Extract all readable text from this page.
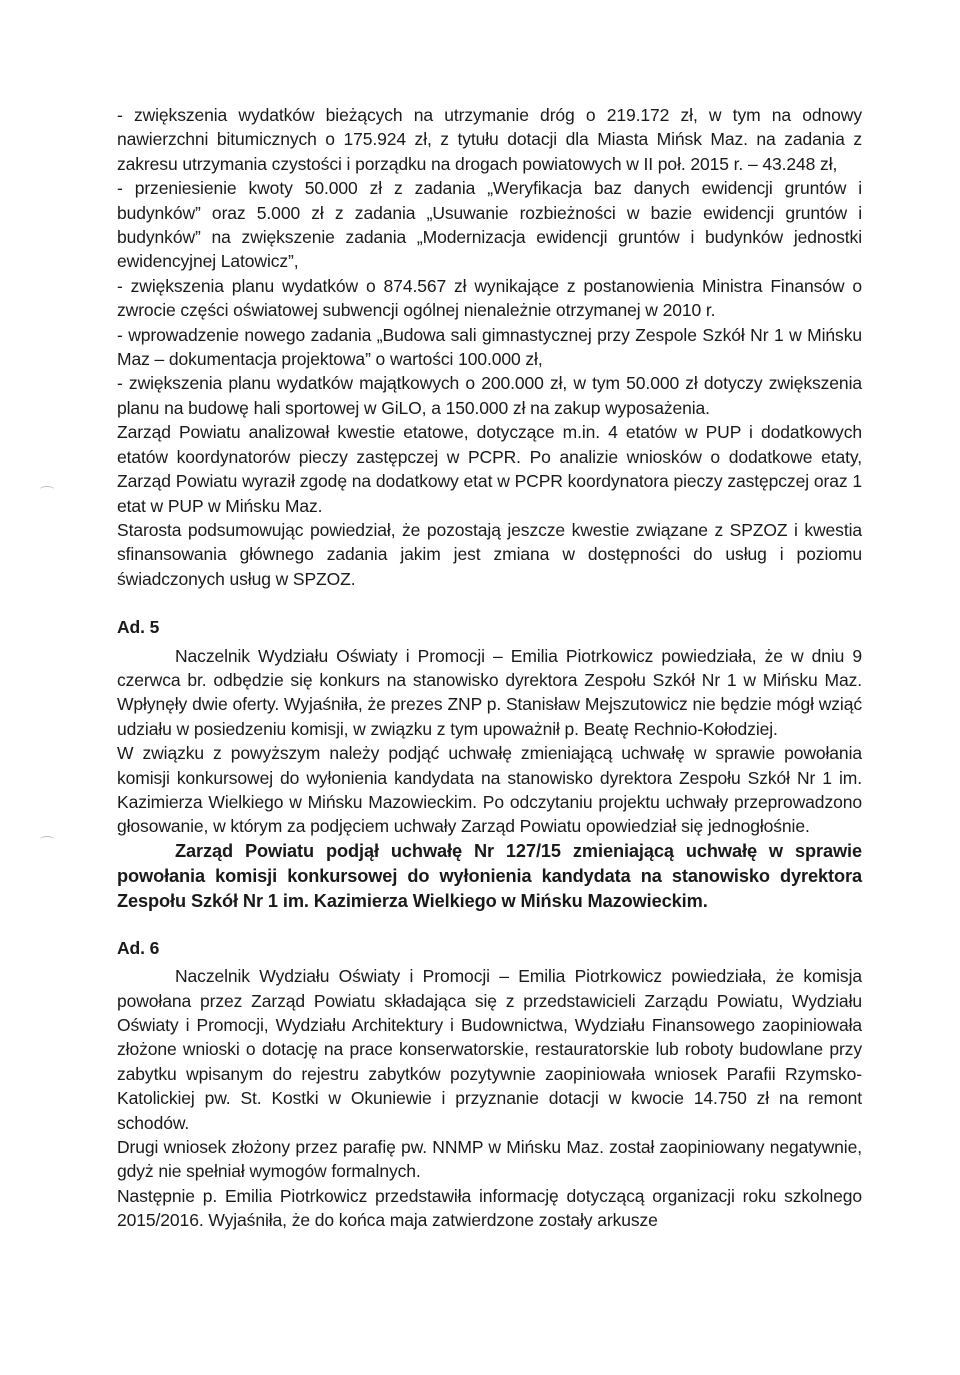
- zwiększenia wydatków bieżących na utrzymanie dróg o 219.172 zł, w tym na odnowy nawierzchni bitumicznych o 175.924 zł, z tytułu dotacji dla Miasta Mińsk Maz. na zadania z zakresu utrzymania czystości i porządku na drogach powiatowych w II poł. 2015 r. – 43.248 zł,

- przeniesienie kwoty 50.000 zł z zadania „Weryfikacja baz danych ewidencji gruntów i budynków” oraz 5.000 zł z zadania „Usuwanie rozbieżności w bazie ewidencji gruntów i budynków” na zwiększenie zadania „Modernizacja ewidencji gruntów i budynków jednostki ewidencyjnej Latowicz”,

- zwiększenia planu wydatków o 874.567 zł wynikające z postanowienia Ministra Finansów o zwrocie części oświatowej subwencji ogólnej nienależnie otrzymanej w 2010 r.

- wprowadzenie nowego zadania „Budowa sali gimnastycznej przy Zespole Szkół Nr 1 w Mińsku Maz – dokumentacja projektowa” o wartości 100.000 zł,

- zwiększenia planu wydatków majątkowych o 200.000 zł, w tym 50.000 zł dotyczy zwiększenia planu na budowę hali sportowej w GiLO, a 150.000 zł na zakup wyposażenia.

Zarząd Powiatu analizował kwestie etatowe, dotyczące m.in. 4 etatów w PUP i dodatkowych etatów koordynatorów pieczy zastępczej w PCPR. Po analizie wniosków o dodatkowe etaty, Zarząd Powiatu wyraził zgodę na dodatkowy etat w PCPR koordynatora pieczy zastępczej oraz 1 etat w PUP w Mińsku Maz.

Starosta podsumowując powiedział, że pozostają jeszcze kwestie związane z SPZOZ i kwestia sfinansowania głównego zadania jakim jest zmiana w dostępności do usług i poziomu świadczonych usług w SPZOZ.

Ad. 5

Naczelnik Wydziału Oświaty i Promocji – Emilia Piotrkowicz powiedziała, że w dniu 9 czerwca br. odbędzie się konkurs na stanowisko dyrektora Zespołu Szkół Nr 1 w Mińsku Maz. Wpłynęły dwie oferty. Wyjaśniła, że prezes ZNP p. Stanisław Mejszutowicz nie będzie mógł wziąć udziału w posiedzeniu komisji, w związku z tym upoważnił p. Beatę Rechnio-Kołodziej.

W związku z powyższym należy podjąć uchwałę zmieniającą uchwałę w sprawie powołania komisji konkursowej do wyłonienia kandydata na stanowisko dyrektora Zespołu Szkół Nr 1 im. Kazimierza Wielkiego w Mińsku Mazowieckim. Po odczytaniu projektu uchwały przeprowadzono głosowanie, w którym za podjęciem uchwały Zarząd Powiatu opowiedział się jednogłośnie.

Zarząd Powiatu podjął uchwałę Nr 127/15 zmieniającą uchwałę w sprawie powołania komisji konkursowej do wyłonienia kandydata na stanowisko dyrektora Zespołu Szkół Nr 1 im. Kazimierza Wielkiego w Mińsku Mazowieckim.

Ad. 6

Naczelnik Wydziału Oświaty i Promocji – Emilia Piotrkowicz powiedziała, że komisja powołana przez Zarząd Powiatu składająca się z przedstawicieli Zarządu Powiatu, Wydziału Oświaty i Promocji, Wydziału Architektury i Budownictwa, Wydziału Finansowego zaopiniowała złożone wnioski o dotację na prace konserwatorskie, restauratorskie lub roboty budowlane przy zabytku wpisanym do rejestru zabytków pozytywnie zaopiniowała wniosek Parafii Rzymsko-Katolickiej pw. St. Kostki w Okuniewie i przyznanie dotacji w kwocie 14.750 zł na remont schodów.

Drugi wniosek złożony przez parafię pw. NNMP w Mińsku Maz. został zaopiniowany negatywnie, gdyż nie spełniał wymogów formalnych.

Następnie p. Emilia Piotrkowicz przedstawiła informację dotyczącą organizacji roku szkolnego 2015/2016. Wyjaśniła, że do końca maja zatwierdzone zostały arkusze
